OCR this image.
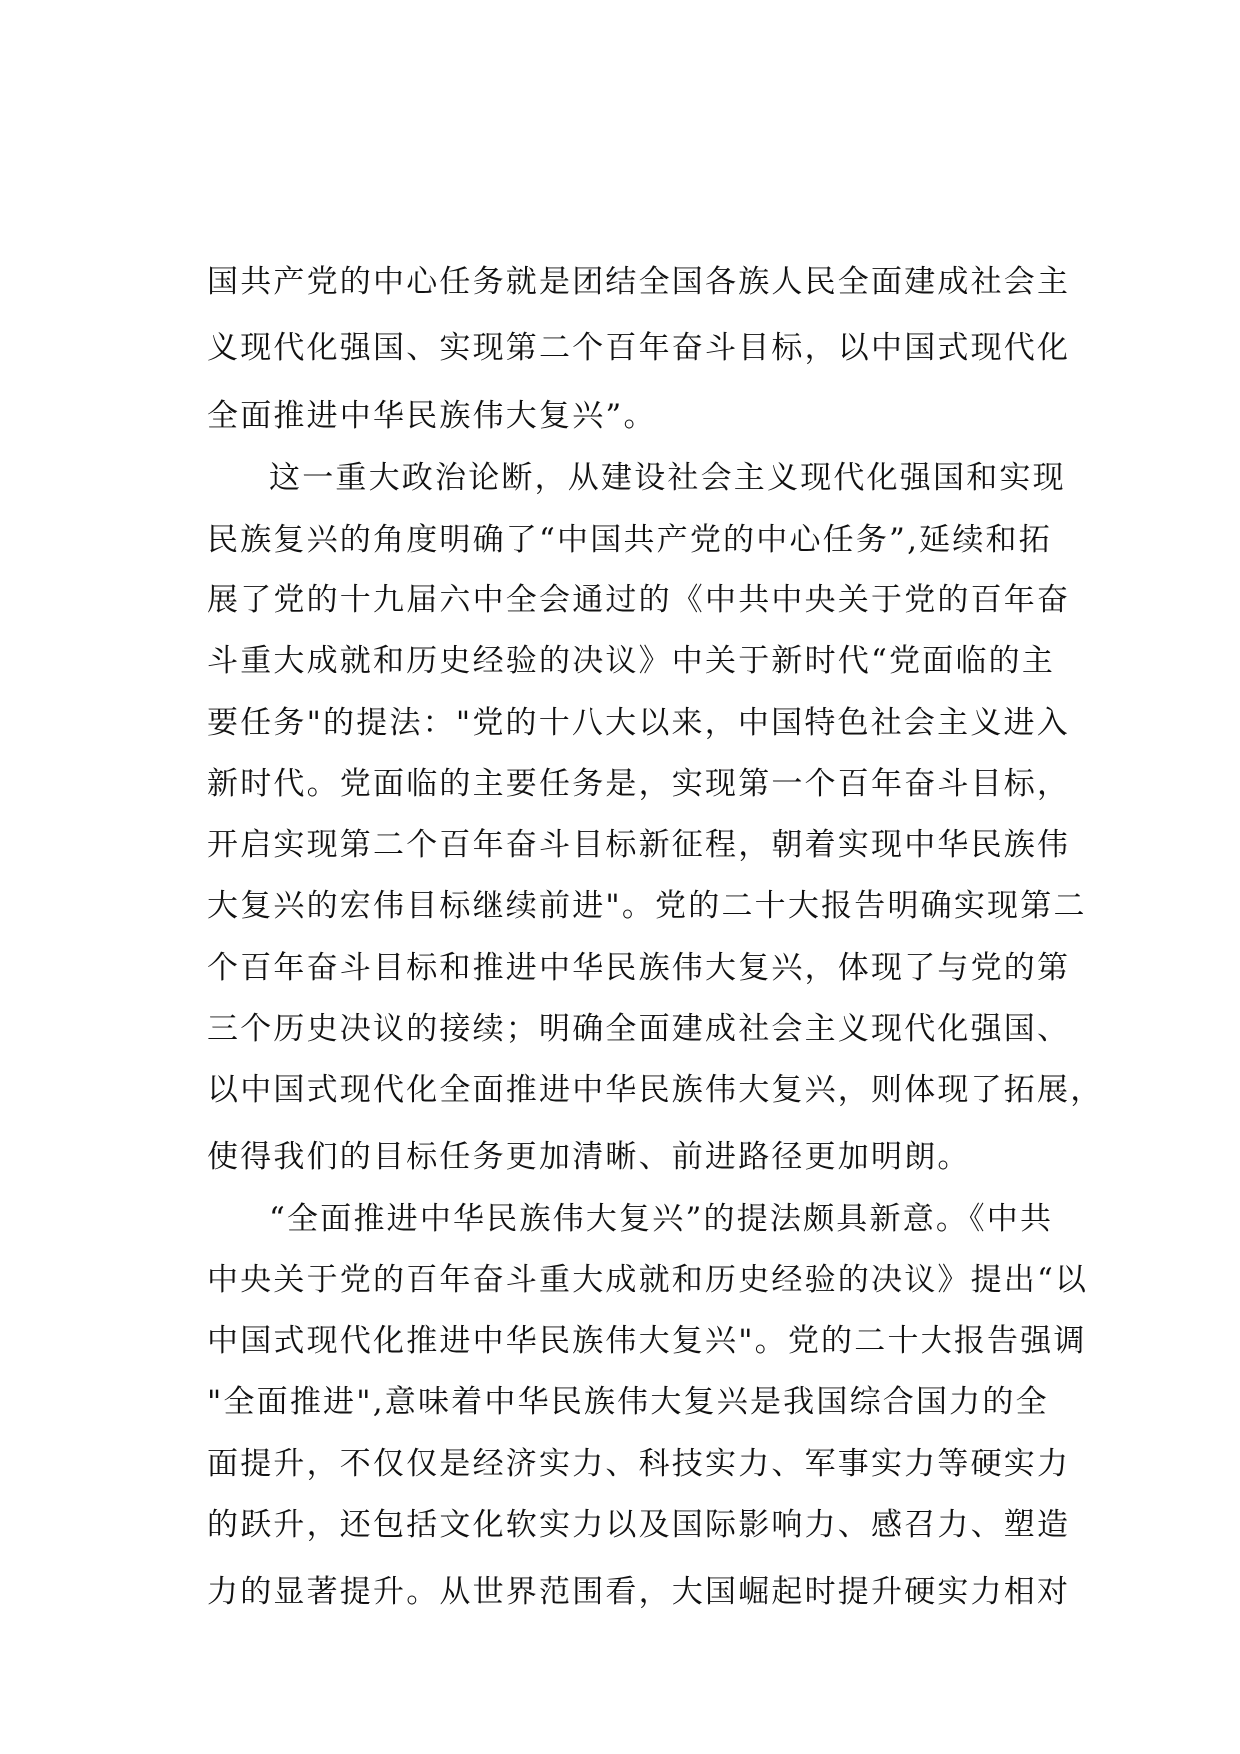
国共产党的中心任务就是团结全国各族人民全面建成社会主
义现代化强国、实现第二个百年奋斗目标，以中国式现代化
全面推进中华民族伟大复兴”。
这一重大政治论断，从建设社会主义现代化强国和实现
民族复兴的角度明确了“中国共产党的中心任务”,延续和拓
展了党的十九届六中全会通过的《中共中央关于党的百年奋
斗重大成就和历史经验的决议》中关于新时代“党面临的主
要任务"的提法："党的十八大以来，中国特色社会主义进入
新时代。党面临的主要任务是，实现第一个百年奋斗目标，
开启实现第二个百年奋斗目标新征程，朝着实现中华民族伟
大复兴的宏伟目标继续前进"。党的二十大报告明确实现第二
个百年奋斗目标和推进中华民族伟大复兴，体现了与党的第
三个历史决议的接续；明确全面建成社会主义现代化强国、
以中国式现代化全面推进中华民族伟大复兴，则体现了拓展，
使得我们的目标任务更加清晰、前进路径更加明朗。
“全面推进中华民族伟大复兴”的提法颇具新意。《中共
中央关于党的百年奋斗重大成就和历史经验的决议》提出“以
中国式现代化推进中华民族伟大复兴"。党的二十大报告强调
"全面推进",意味着中华民族伟大复兴是我国综合国力的全
面提升，不仅仅是经济实力、科技实力、军事实力等硬实力
的跃升，还包括文化软实力以及国际影响力、感召力、塑造
力的显著提升。从世界范围看，大国崛起时提升硬实力相对
